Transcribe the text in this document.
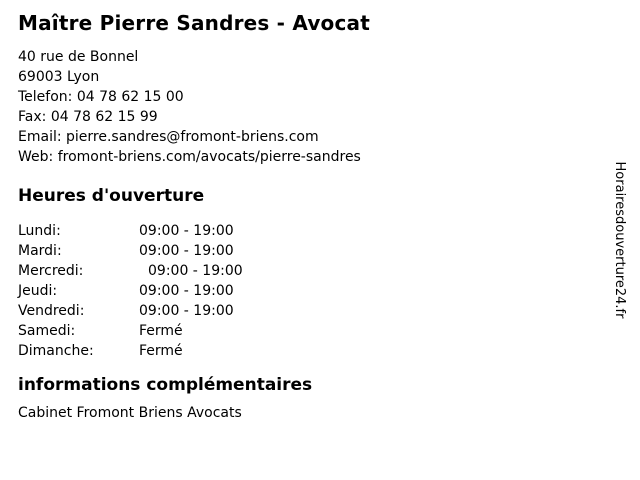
Maître Pierre Sandres - Avocat
40 rue de Bonnel
69003 Lyon
Telefon: 04 78 62 15 00
Fax: 04 78 62 15 99
Email: pierre.sandres@fromont-briens.com
Web: fromont-briens.com/avocats/pierre-sandres
Heures d'ouverture
Lundi:	09:00 - 19:00
Mardi:	09:00 - 19:00
Mercredi:	09:00 - 19:00
Jeudi:	09:00 - 19:00
Vendredi:	09:00 - 19:00
Samedi:	Fermé
Dimanche:	Fermé
informations complémentaires
Cabinet Fromont Briens Avocats
Horairesdouverture24.fr
